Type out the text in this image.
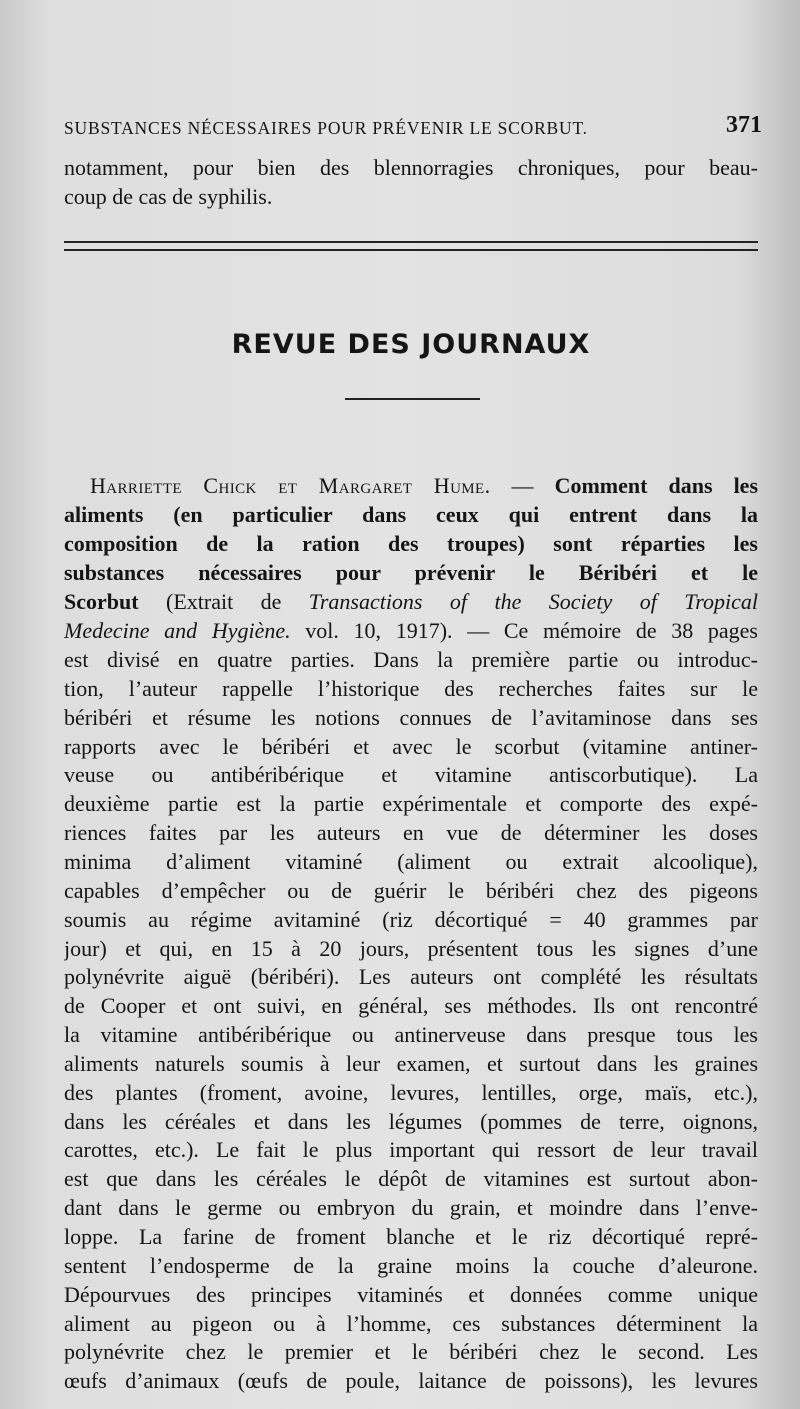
SUBSTANCES NÉCESSAIRES POUR PRÉVENIR LE SCORBUT.	371
notamment, pour bien des blennorragies chroniques, pour beau-
coup de cas de syphilis.
REVUE DES JOURNAUX
Harriette Chick et Margaret Hume. — Comment dans les
aliments (en particulier dans ceux qui entrent dans la
composition de la ration des troupes) sont réparties les
substances nécessaires pour prévenir le Béribéri et le
Scorbut (Extrait de Transactions of the Society of Tropical
Medecine and Hygiène. vol. 10, 1917). — Ce mémoire de 38 pages
est divisé en quatre parties. Dans la première partie ou introduc-
tion, l’auteur rappelle l’historique des recherches faites sur le
béribéri et résume les notions connues de l’avitaminose dans ses
rapports avec le béribéri et avec le scorbut (vitamine antiner-
veuse ou antibéribérique et vitamine antiscorbutique). La
deuxième partie est la partie expérimentale et comporte des expé-
riences faites par les auteurs en vue de déterminer les doses
minima d’aliment vitaminé (aliment ou extrait alcoolique),
capables d’empêcher ou de guérir le béribéri chez des pigeons
soumis au régime avitaminé (riz décortiqué = 40 grammes par
jour) et qui, en 15 à 20 jours, présentent tous les signes d’une
polynévrite aiguë (béribéri). Les auteurs ont complété les résultats
de Cooper et ont suivi, en général, ses méthodes. Ils ont rencontré
la vitamine antibéribérique ou antinerveuse dans presque tous les
aliments naturels soumis à leur examen, et surtout dans les graines
des plantes (froment, avoine, levures, lentilles, orge, maïs, etc.),
dans les céréales et dans les légumes (pommes de terre, oignons,
carottes, etc.). Le fait le plus important qui ressort de leur travail
est que dans les céréales le dépôt de vitamines est surtout abon-
dant dans le germe ou embryon du grain, et moindre dans l’enve-
loppe. La farine de froment blanche et le riz décortiqué repré-
sentent l’endosperme de la graine moins la couche d’aleurone.
Dépourvues des principes vitaminés et données comme unique
aliment au pigeon ou à l’homme, ces substances déterminent la
polynévrite chez le premier et le béribéri chez le second. Les
œufs d’animaux (œufs de poule, laitance de poissons), les levures
